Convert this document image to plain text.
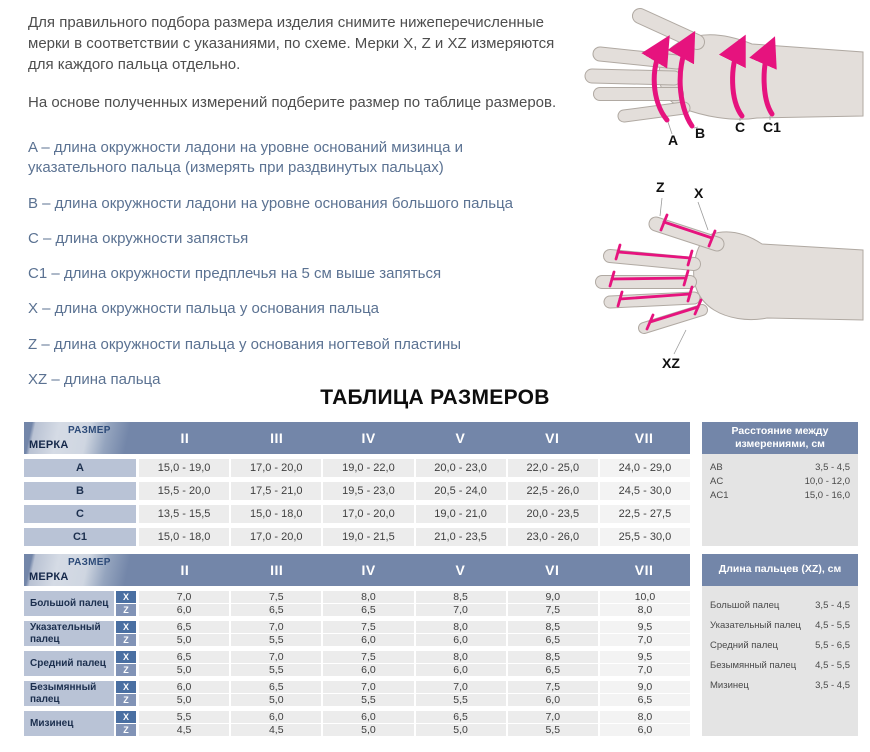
Для правильного подбора размера изделия снимите нижеперечисленные мерки в соответствии с указаниями, по схеме. Мерки X, Z и XZ измеряются для каждого пальца отдельно.

На основе полученных измерений подберите размер по таблице размеров.

A – длина окружности ладони на уровне оснований мизинца и указательного пальца (измерять при раздвинутых пальцах)
B – длина окружности ладони на уровне основания большого пальца
C – длина окружности запястья
C1 – длина окружности предплечья на 5 см выше запяться
X – длина окружности пальца у основания пальца
Z – длина окружности пальца у основания ногтевой пластины
XZ – длина пальца
A B C C1
Z X
XZ
ТАБЛИЦА РАЗМЕРОВ
МЕРКА
РАЗМЕР	II	III	IV	V	VI	VII
A	15,0 - 19,0	17,0 - 20,0	19,0 - 22,0	20,0 - 23,0	22,0 - 25,0	24,0 - 29,0
B	15,5 - 20,0	17,5 - 21,0	19,5 - 23,0	20,5 - 24,0	22,5 - 26,0	24,5 - 30,0
C	13,5 - 15,5	15,0 - 18,0	17,0 - 20,0	19,0 - 21,0	20,0 - 23,5	22,5 - 27,5
C1	15,0 - 18,0	17,0 - 20,0	19,0 - 21,5	21,0 - 23,5	23,0 - 26,0	25,5 - 30,0
Расстояние между измерениями, см
AB	3,5 - 4,5
AC	10,0 - 12,0
AC1	15,0 - 16,0
МЕРКА
РАЗМЕР	II	III	IV	V	VI	VII
Большой палец
X	7,0	7,5	8,0	8,5	9,0	10,0
Z	6,0	6,5	6,5	7,0	7,5	8,0
Указательный палец
X	6,5	7,0	7,5	8,0	8,5	9,5
Z	5,0	5,5	6,0	6,0	6,5	7,0
Средний палец
X	6,5	7,0	7,5	8,0	8,5	9,5
Z	5,0	5,5	6,0	6,0	6,5	7,0
Безымянный палец
X	6,0	6,5	7,0	7,0	7,5	9,0
Z	5,0	5,0	5,5	5,5	6,0	6,5
Мизинец
X	5,5	6,0	6,0	6,5	7,0	8,0
Z	4,5	4,5	5,0	5,0	5,5	6,0
Длина пальцев (XZ), см
Большой палец	3,5 - 4,5
Указательный палец 4,5 - 5,5
Средний палец	5,5 - 6,5
Безымянный палец 4,5 - 5,5
Мизинец	3,5 - 4,5
